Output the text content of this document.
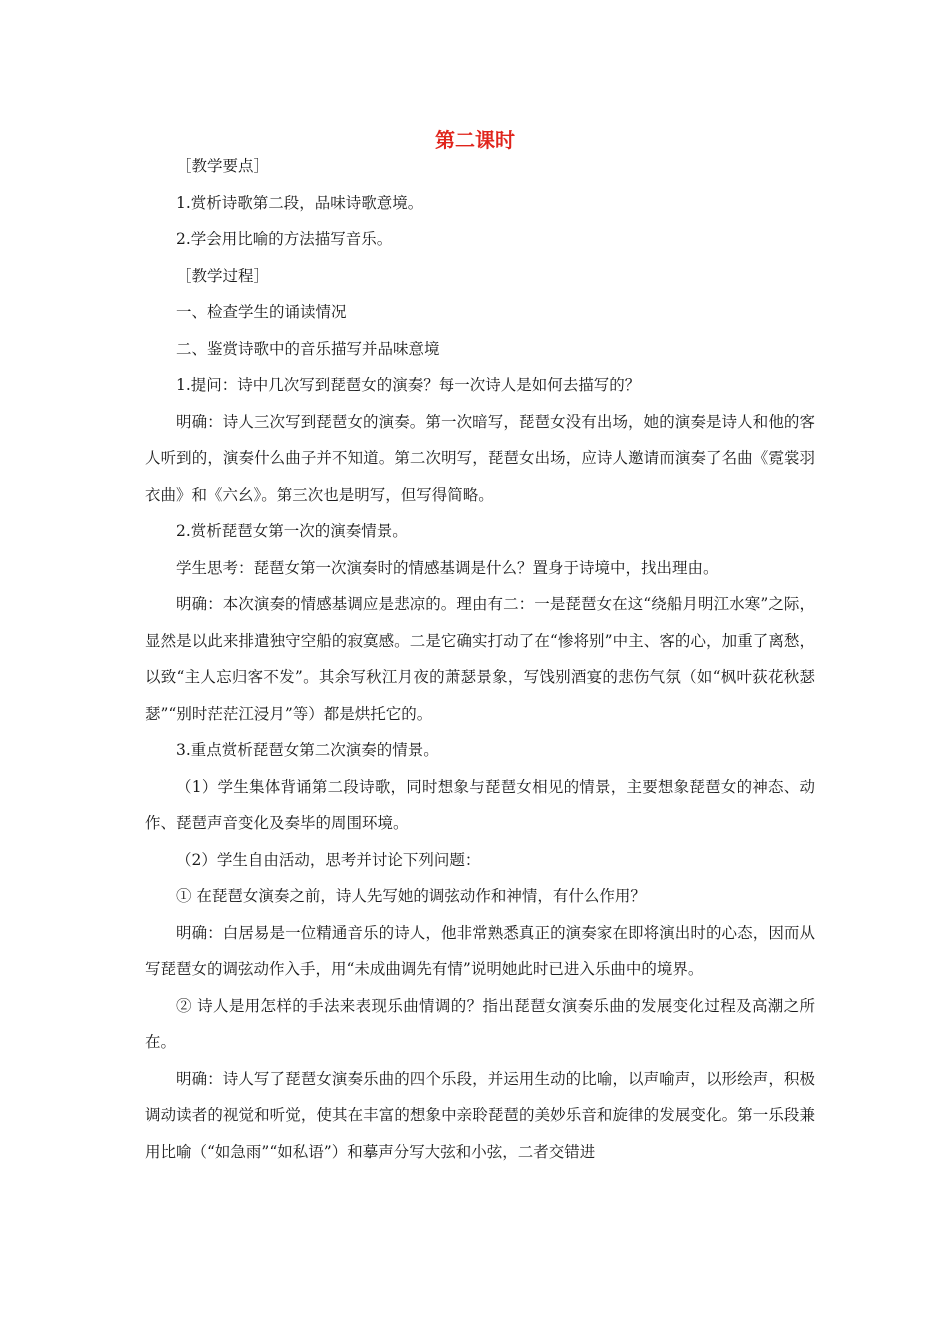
第二课时

［教学要点］

1.赏析诗歌第二段，品味诗歌意境。

2.学会用比喻的方法描写音乐。

［教学过程］

一、检查学生的诵读情况

二、鉴赏诗歌中的音乐描写并品味意境

1.提问：诗中几次写到琵琶女的演奏？每一次诗人是如何去描写的？

明确：诗人三次写到琵琶女的演奏。第一次暗写，琵琶女没有出场，她的演奏是诗人和他的客人听到的，演奏什么曲子并不知道。第二次明写，琵琶女出场，应诗人邀请而演奏了名曲《霓裳羽衣曲》和《六幺》。第三次也是明写，但写得简略。

2.赏析琵琶女第一次的演奏情景。

学生思考：琵琶女第一次演奏时的情感基调是什么？置身于诗境中，找出理由。

明确：本次演奏的情感基调应是悲凉的。理由有二：一是琵琶女在这“绕船月明江水寒”之际，显然是以此来排遣独守空船的寂寞感。二是它确实打动了在“惨将别”中主、客的心，加重了离愁，以致“主人忘归客不发”。其余写秋江月夜的萧瑟景象，写饯别酒宴的悲伤气氛（如“枫叶荻花秋瑟瑟”“别时茫茫江浸月”等）都是烘托它的。

3.重点赏析琵琶女第二次演奏的情景。

（1）学生集体背诵第二段诗歌，同时想象与琵琶女相见的情景，主要想象琵琶女的神态、动作、琵琶声音变化及奏毕的周围环境。

（2）学生自由活动，思考并讨论下列问题：

① 在琵琶女演奏之前，诗人先写她的调弦动作和神情，有什么作用？

明确：白居易是一位精通音乐的诗人，他非常熟悉真正的演奏家在即将演出时的心态，因而从写琵琶女的调弦动作入手，用“未成曲调先有情”说明她此时已进入乐曲中的境界。

② 诗人是用怎样的手法来表现乐曲情调的？指出琵琶女演奏乐曲的发展变化过程及高潮之所在。

明确：诗人写了琵琶女演奏乐曲的四个乐段，并运用生动的比喻，以声喻声，以形绘声，积极调动读者的视觉和听觉，使其在丰富的想象中亲聆琵琶的美妙乐音和旋律的发展变化。第一乐段兼用比喻（“如急雨”“如私语”）和摹声分写大弦和小弦，二者交错进
